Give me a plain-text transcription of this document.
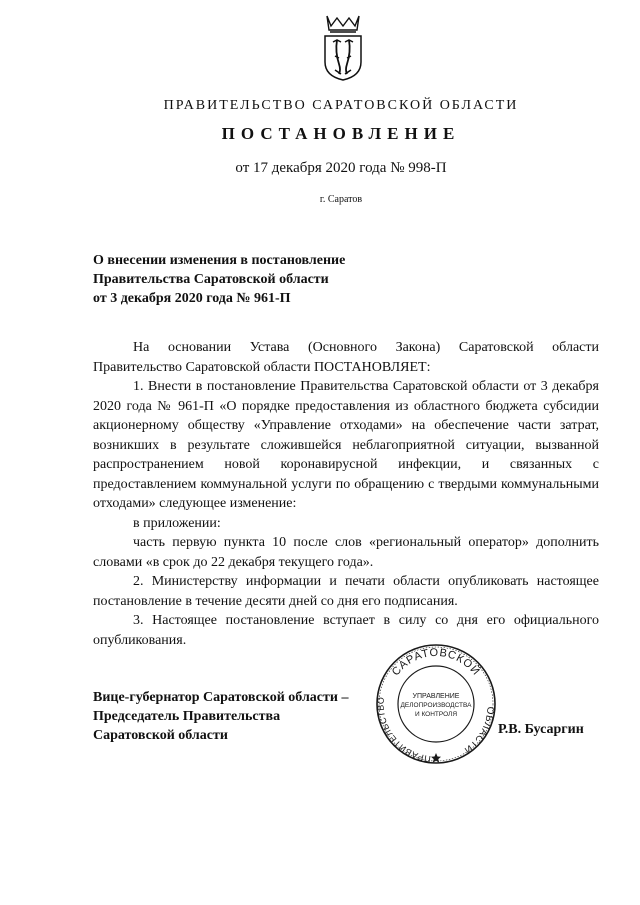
ПРАВИТЕЛЬСТВО САРАТОВСКОЙ ОБЛАСТИ
ПОСТАНОВЛЕНИЕ
от 17 декабря 2020 года № 998-П
г. Саратов
О внесении изменения в постановление
Правительства Саратовской области
от 3 декабря 2020 года № 961-П

На основании Устава (Основного Закона) Саратовской области Правительство Саратовской области ПОСТАНОВЛЯЕТ:

1. Внести в постановление Правительства Саратовской области от 3 декабря 2020 года № 961-П «О порядке предоставления из областного бюджета субсидии акционерному обществу «Управление отходами» на обеспечение части затрат, возникших в результате сложившейся неблагоприятной ситуации, вызванной распространением новой коронавирусной инфекции, и связанных с предоставлением коммунальной услуги по обращению с твердыми коммунальными отходами» следующее изменение:

в приложении:

часть первую пункта 10 после слов «региональный оператор» дополнить словами «в срок до 22 декабря текущего года».

2. Министерству информации и печати области опубликовать настоящее постановление в течение десяти дней со дня его подписания.

3. Настоящее постановление вступает в силу со дня его официального опубликования.

САРАТОВСКОЙ
ПРАВИТЕЛЬСТВО
ОБЛАСТИ
УПРАВЛЕНИЕ
ДЕЛОПРОИЗВОДСТВА
И КОНТРОЛЯ
Вице-губернатор Саратовской области –
Председатель Правительства
Саратовской области	Р.В. Бусаргин
